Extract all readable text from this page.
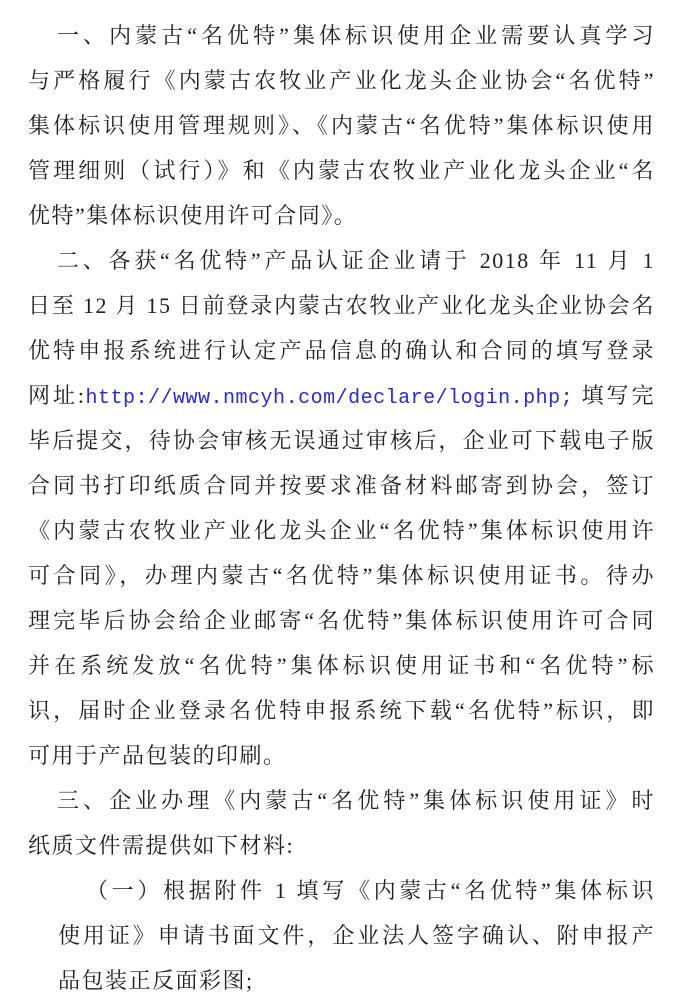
一、内蒙古“名优特”集体标识使用企业需要认真学习
与严格履行《内蒙古农牧业产业化龙头企业协会“名优特”
集体标识使用管理规则》、《内蒙古“名优特”集体标识使用
管理细则（试行）》和《内蒙古农牧业产业化龙头企业“名
优特”集体标识使用许可合同》。
二、各获“名优特”产品认证企业请于 2018 年 11 月 1
日至 12 月 15 日前登录内蒙古农牧业产业化龙头企业协会名
优特申报系统进行认定产品信息的确认和合同的填写登录
网址:http://www.nmcyh.com/declare/login.php; 填写完
毕后提交，待协会审核无误通过审核后，企业可下载电子版
合同书打印纸质合同并按要求准备材料邮寄到协会，签订
《内蒙古农牧业产业化龙头企业“名优特”集体标识使用许
可合同》，办理内蒙古“名优特”集体标识使用证书。待办
理完毕后协会给企业邮寄“名优特”集体标识使用许可合同
并在系统发放“名优特”集体标识使用证书和“名优特”标
识，届时企业登录名优特申报系统下载“名优特”标识，即
可用于产品包装的印刷。
三、企业办理《内蒙古“名优特”集体标识使用证》时
纸质文件需提供如下材料:
（一）根据附件 1 填写《内蒙古“名优特”集体标识
使用证》申请书面文件，企业法人签字确认、附申报产
品包装正反面彩图;
